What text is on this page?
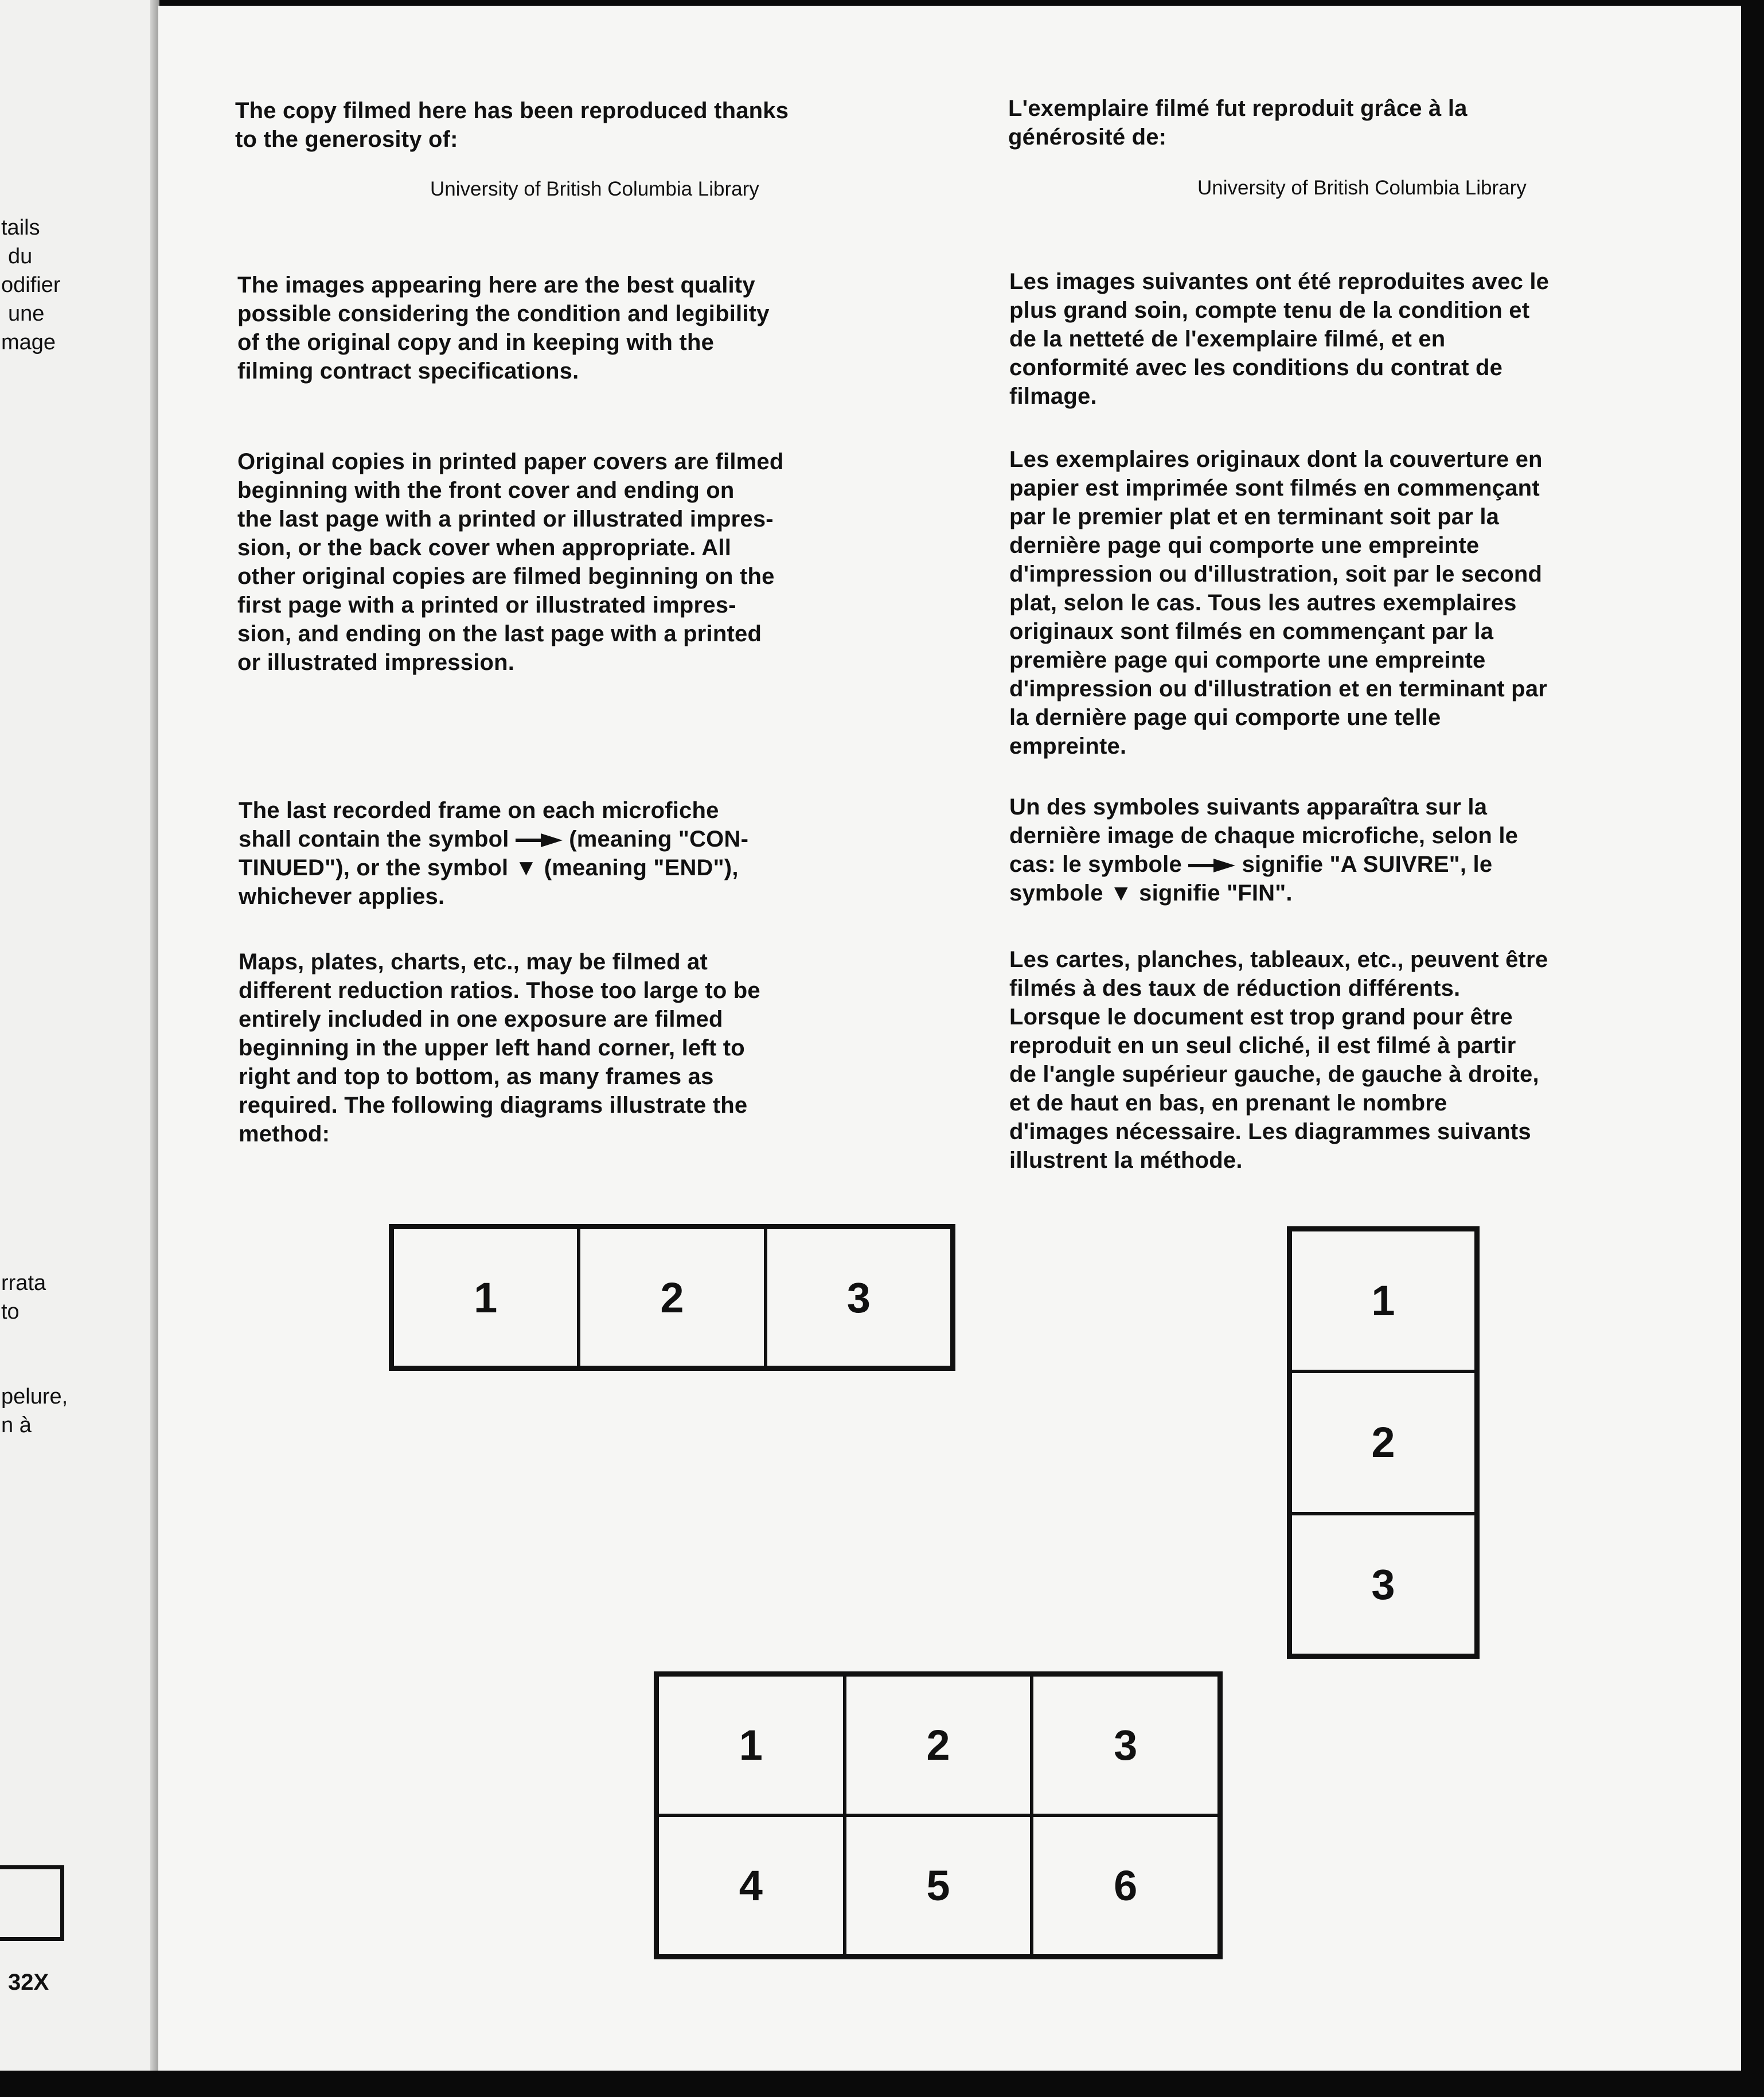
tails

du

odifier

une

mage

rrata

to

pelure,

n à

32X

The copy filmed here has been reproduced thanks

to the generosity of:

University of British Columbia Library

The images appearing here are the best quality

possible considering the condition and legibility

of the original copy and in keeping with the

filming contract specifications.

Original copies in printed paper covers are filmed

beginning with the front cover and ending on

the last page with a printed or illustrated impres-

sion, or the back cover when appropriate. All

other original copies are filmed beginning on the

first page with a printed or illustrated impres-

sion, and ending on the last page with a printed

or illustrated impression.

The last recorded frame on each microfiche

shall contain the symbol	(meaning "CON-

TINUED"), or the symbol ▼ (meaning "END"),

whichever applies.

Maps, plates, charts, etc., may be filmed at

different reduction ratios. Those too large to be

entirely included in one exposure are filmed

beginning in the upper left hand corner, left to

right and top to bottom, as many frames as

required. The following diagrams illustrate the

method:

L'exemplaire filmé fut reproduit grâce à la

générosité de:

University of British Columbia Library

Les images suivantes ont été reproduites avec le

plus grand soin, compte tenu de la condition et

de la netteté de l'exemplaire filmé, et en

conformité avec les conditions du contrat de

filmage.

Les exemplaires originaux dont la couverture en

papier est imprimée sont filmés en commençant

par le premier plat et en terminant soit par la

dernière page qui comporte une empreinte

d'impression ou d'illustration, soit par le second

plat, selon le cas. Tous les autres exemplaires

originaux sont filmés en commençant par la

première page qui comporte une empreinte

d'impression ou d'illustration et en terminant par

la dernière page qui comporte une telle

empreinte.

Un des symboles suivants apparaîtra sur la

dernière image de chaque microfiche, selon le

cas: le symbole	signifie "A SUIVRE", le

symbole ▼ signifie "FIN".

Les cartes, planches, tableaux, etc., peuvent être

filmés à des taux de réduction différents.

Lorsque le document est trop grand pour être

reproduit en un seul cliché, il est filmé à partir

de l'angle supérieur gauche, de gauche à droite,

et de haut en bas, en prenant le nombre

d'images nécessaire. Les diagrammes suivants

illustrent la méthode.

1	2	3	1
2
3
1	2	3
4	5	6
